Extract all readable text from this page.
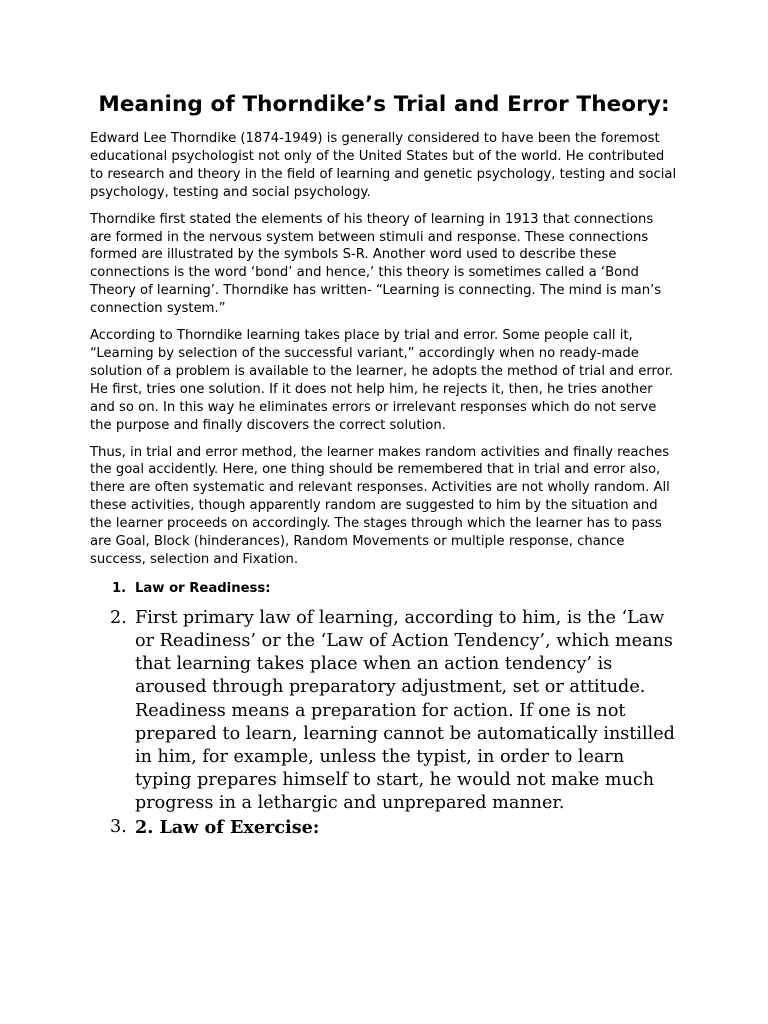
Meaning of Thorndike’s Trial and Error Theory:

Edward Lee Thorndike (1874-1949) is generally considered to have been the foremost educational psychologist not only of the United States but of the world. He contributed to research and theory in the field of learning and genetic psychology, testing and social psychology, testing and social psychology.

Thorndike first stated the elements of his theory of learning in 1913 that connections are formed in the nervous system between stimuli and response. These connections formed are illustrated by the symbols S-R. Another word used to describe these connections is the word ‘bond’ and hence,’ this theory is sometimes called a ‘Bond Theory of learning’. Thorndike has written- “Learning is connecting. The mind is man’s connection system.”

According to Thorndike learning takes place by trial and error. Some people call it, “Learning by selection of the successful variant,” accordingly when no ready-made solution of a problem is available to the learner, he adopts the method of trial and error. He first, tries one solution. If it does not help him, he rejects it, then, he tries another and so on. In this way he eliminates errors or irrelevant responses which do not serve the purpose and finally discovers the correct solution.

Thus, in trial and error method, the learner makes random activities and finally reaches the goal accidently. Here, one thing should be remembered that in trial and error also, there are often systematic and relevant responses. Activities are not wholly random. All these activities, though apparently random are suggested to him by the situation and the learner proceeds on accordingly. The stages through which the learner has to pass are Goal, Block (hinderances), Random Movements or multiple response, chance success, selection and Fixation.

1. Law or Readiness:
2. First primary law of learning, according to him, is the ‘Law or Readiness’ or the ‘Law of Action Tendency’, which means that learning takes place when an action tendency’ is aroused through preparatory adjustment, set or attitude. Readiness means a preparation for action. If one is not prepared to learn, learning cannot be automatically instilled in him, for example, unless the typist, in order to learn typing prepares himself to start, he would not make much progress in a lethargic and unprepared manner.
3. 2. Law of Exercise:
